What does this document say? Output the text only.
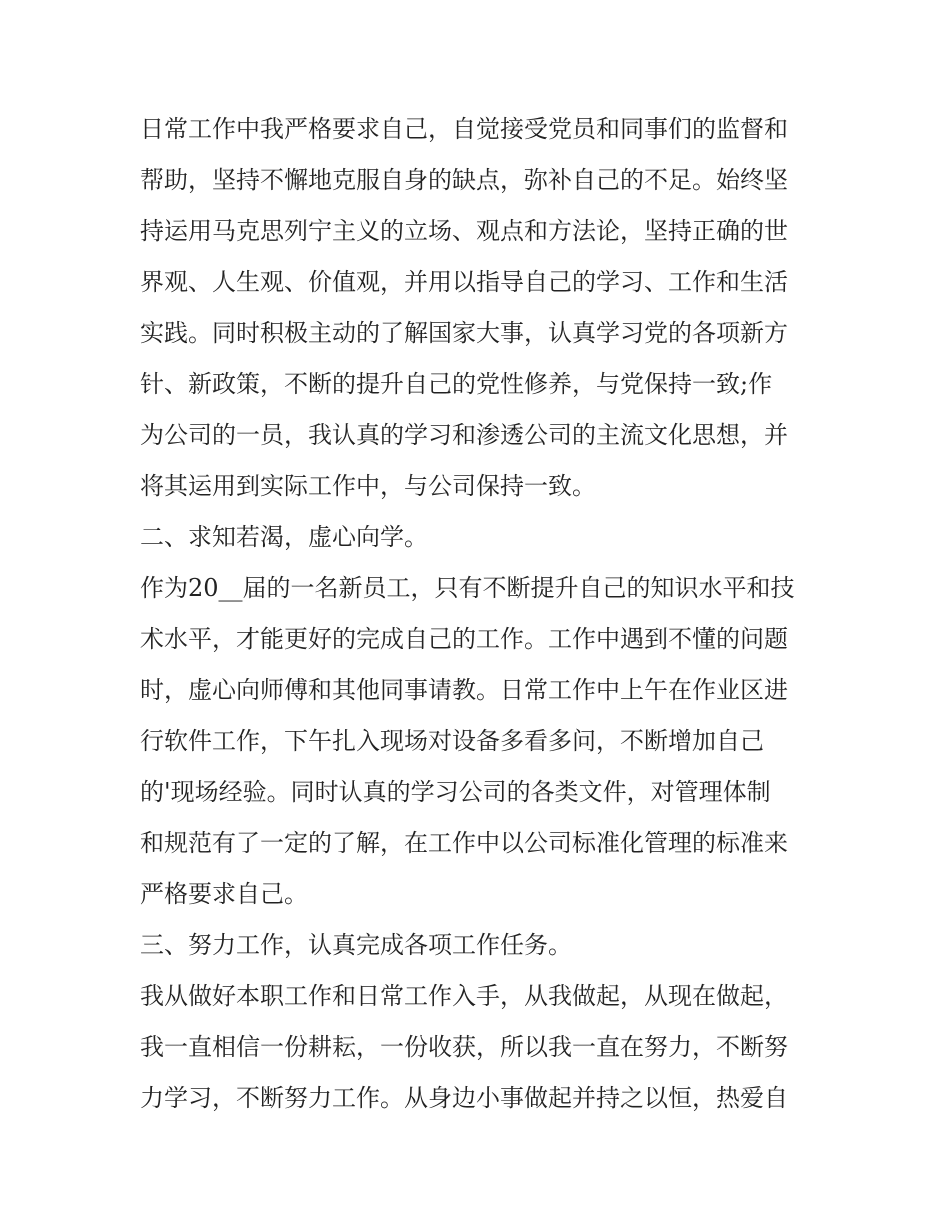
日常工作中我严格要求自己，自觉接受党员和同事们的监督和
帮助，坚持不懈地克服自身的缺点，弥补自己的不足。始终坚
持运用马克思列宁主义的立场、观点和方法论，坚持正确的世
界观、人生观、价值观，并用以指导自己的学习、工作和生活
实践。同时积极主动的了解国家大事，认真学习党的各项新方
针、新政策，不断的提升自己的党性修养，与党保持一致;作
为公司的一员，我认真的学习和渗透公司的主流文化思想，并
将其运用到实际工作中，与公司保持一致。
二、求知若渴，虚心向学。
作为20__届的一名新员工，只有不断提升自己的知识水平和技
术水平，才能更好的完成自己的工作。工作中遇到不懂的问题
时，虚心向师傅和其他同事请教。日常工作中上午在作业区进
行软件工作，下午扎入现场对设备多看多问，不断增加自己
的'现场经验。同时认真的学习公司的各类文件，对管理体制
和规范有了一定的了解，在工作中以公司标准化管理的标准来
严格要求自己。
三、努力工作，认真完成各项工作任务。
我从做好本职工作和日常工作入手，从我做起，从现在做起，
我一直相信一份耕耘，一份收获，所以我一直在努力，不断努
力学习，不断努力工作。从身边小事做起并持之以恒，热爱自
